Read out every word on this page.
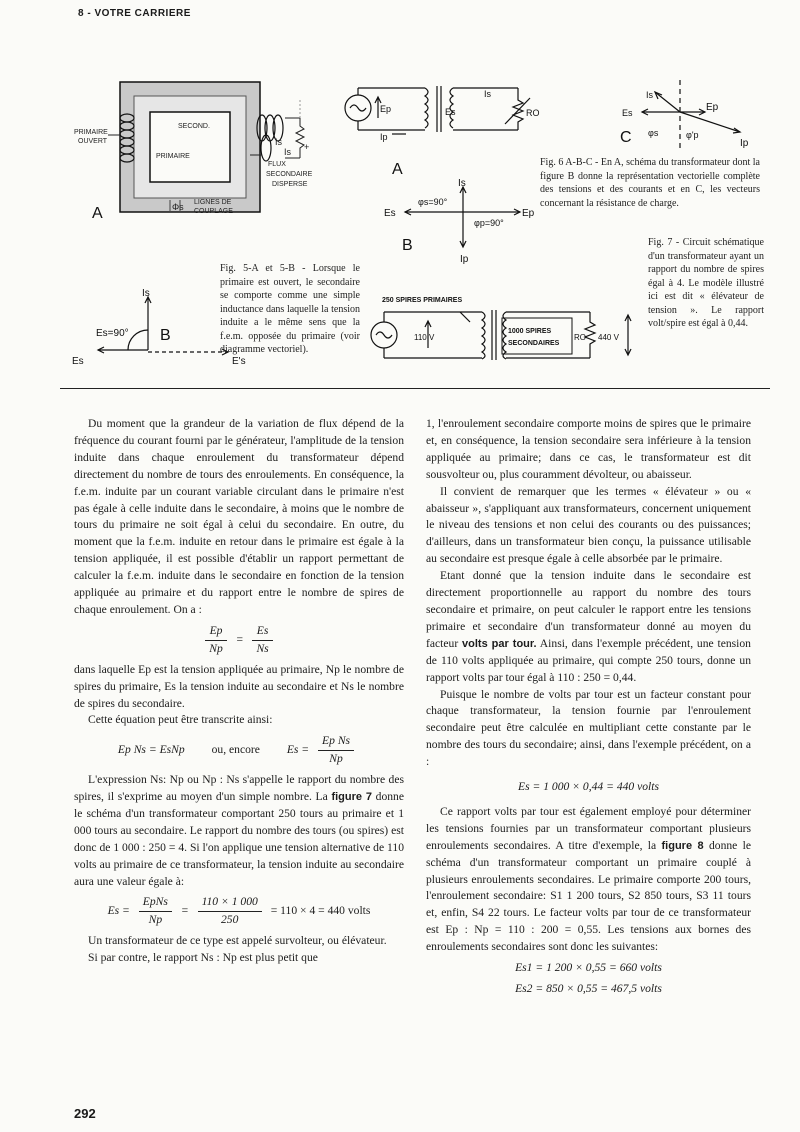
8 - VOTRE CARRIERE
PRIMAIRE
OUVERT
SECOND.
PRIMAIRE
FLUX
SECONDAIRE
DISPERSE
LIGNES DE
COUPLAGE
Φs
Is
Is +
A
Is
Es=90°
Es	E's
B
Ep	Es
Is
Ip
RO
A
Is
Ip
Es	Ep
φs=90°
φp=90°
B
Is
Es	Ep
Ip
φs	φ'p
C
250 SPIRES PRIMAIRES
110 V
1000 SPIRES
SECONDAIRES
RO 440 V
Fig. 5-A et 5-B - Lorsque le primaire est ouvert, le secondaire se comporte comme une simple inductance dans laquelle la tension induite a le même sens que la f.e.m. opposée du primaire (voir diagramme vectoriel).
Fig. 6 A-B-C - En A, schéma du transformateur dont la figure B donne la représentation vectorielle complète des tensions et des courants et en C, les vecteurs concernant la résistance de charge.
Fig. 7 - Circuit schématique d'un transformateur ayant un rapport du nombre de spires égal à 4. Le modèle illustré ici est dit « élévateur de tension ». Le rapport volt/spire est égal à 0,44.

Du moment que la grandeur de la variation de flux dépend de la fréquence du courant fourni par le générateur, l'amplitude de la tension induite dans chaque enroulement du transformateur dépend directement du nombre de tours des enroulements. En conséquence, la f.e.m. induite par un courant variable circulant dans le primaire n'est pas égale à celle induite dans le secondaire, à moins que le nombre de tours du primaire ne soit égal à celui du secondaire. En outre, du moment que la f.e.m. induite en retour dans le primaire est égale à la tension appliquée, il est possible d'établir un rapport permettant de calculer la f.e.m. induite dans le secondaire en fonction de la tension appliquée au primaire et du rapport entre le nombre de spires de chaque enroulement. On a :

$\frac{Ep}{Np} = \frac{Es}{Ns}$

dans laquelle Ep est la tension appliquée au primaire, Np le nombre de spires du primaire, Es la tension induite au secondaire et Ns le nombre de spires du secondaire.

Cette équation peut être transcrite ainsi:

Ep Ns = EsNp ou, encore $Es = \frac{\text{Ep Ns}}{Np}$

L'expression Ns: Np ou Np : Ns s'appelle le rapport du nombre des spires, il s'exprime au moyen d'un simple nombre. La figure 7 donne le schéma d'un transformateur comportant 250 tours au primaire et 1 000 tours au secondaire. Le rapport du nombre des tours (ou spires) est donc de 1 000 : 250 = 4. Si l'on applique une tension alternative de 110 volts au primaire de ce transformateur, la tension induite au secondaire aura une valeur égale à:

$Es = \frac{\text{EpNs}}{Np} = \frac{110 \times 1 000}{250} = 110 \times 4 = 440$ volts

Un transformateur de ce type est appelé survolteur, ou élévateur.

Si par contre, le rapport Ns : Np est plus petit que

1, l'enroulement secondaire comporte moins de spires que le primaire et, en conséquence, la tension secondaire sera inférieure à la tension appliquée au primaire; dans ce cas, le transformateur est dit sousvolteur ou, plus couramment dévolteur, ou abaisseur.

Il convient de remarquer que les termes « élévateur » ou « abaisseur », s'appliquant aux transformateurs, concernent uniquement le niveau des tensions et non celui des courants ou des puissances; d'ailleurs, dans un transformateur bien conçu, la puissance utilisable au secondaire est presque égale à celle absorbée par le primaire.

Etant donné que la tension induite dans le secondaire est directement proportionnelle au rapport du nombre des tours secondaire et primaire, on peut calculer le rapport entre les tensions primaire et secondaire d'un transformateur donné au moyen du facteur volts par tour. Ainsi, dans l'exemple précédent, une tension de 110 volts appliquée au primaire, qui compte 250 tours, donne un rapport volts par tour égal à 110 : 250 = 0,44.

Puisque le nombre de volts par tour est un facteur constant pour chaque transformateur, la tension fournie par l'enroulement secondaire peut être calculée en multipliant cette constante par le nombre des tours du secondaire; ainsi, dans l'exemple précédent, on a :

Es = 1 000 × 0,44 = 440 volts

Ce rapport volts par tour est également employé pour déterminer les tensions fournies par un transformateur comportant plusieurs enroulements secondaires. A titre d'exemple, la figure 8 donne le schéma d'un transformateur comportant un primaire couplé à plusieurs enroulements secondaires. Le primaire comporte 200 tours, l'enroulement secondaire: S1 1 200 tours, S2 850 tours, S3 11 tours et, enfin, S4 22 tours. Le facteur volts par tour de ce transformateur est Ep : Np = 110 : 200 = 0,55. Les tensions aux bornes des enroulements secondaires sont donc les suivantes:

Es1 = 1 200 × 0,55 = 660 volts
Es2 = 850 × 0,55 = 467,5 volts
292
